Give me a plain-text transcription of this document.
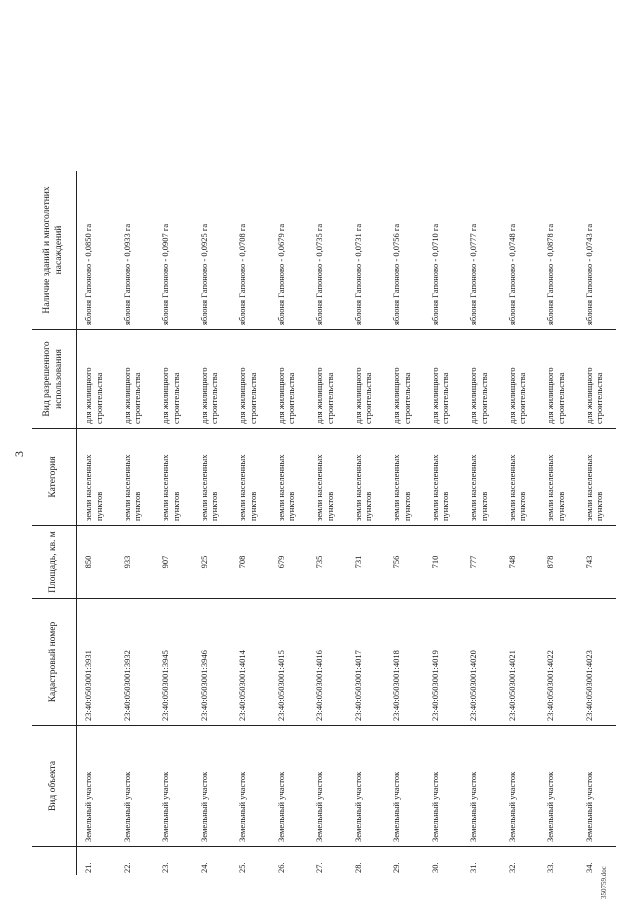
3
	Вид объекта	Кадастровый номер	Площадь, кв. м	Категория	Вид разрешенного использования	Наличие зданий и многолетних насаждений
21.	Земельный участок	23:40:0503001:3931	850	земли населенных пунктов	для жилищного строительства	яблоня Гапоново - 0,0850 га
22.	Земельный участок	23:40:0503001:3932	933	земли населенных пунктов	для жилищного строительства	яблоня Гапоново - 0,0933 га
23.	Земельный участок	23:40:0503001:3945	907	земли населенных пунктов	для жилищного строительства	яблоня Гапоново - 0,0907 га
24.	Земельный участок	23:40:0503001:3946	925	земли населенных пунктов	для жилищного строительства	яблоня Гапоново - 0,0925 га
25.	Земельный участок	23:40:0503001:4014	708	земли населенных пунктов	для жилищного строительства	яблоня Гапоново - 0,0708 га
26.	Земельный участок	23:40:0503001:4015	679	земли населенных пунктов	для жилищного строительства	яблоня Гапоново - 0,0679 га
27.	Земельный участок	23:40:0503001:4016	735	земли населенных пунктов	для жилищного строительства	яблоня Гапоново - 0,0735 га
28.	Земельный участок	23:40:0503001:4017	731	земли населенных пунктов	для жилищного строительства	яблоня Гапоново - 0,0731 га
29.	Земельный участок	23:40:0503001:4018	756	земли населенных пунктов	для жилищного строительства	яблоня Гапоново - 0,0756 га
30.	Земельный участок	23:40:0503001:4019	710	земли населенных пунктов	для жилищного строительства	яблоня Гапоново - 0,0710 га
31.	Земельный участок	23:40:0503001:4020	777	земли населенных пунктов	для жилищного строительства	яблоня Гапоново - 0,0777 га
32.	Земельный участок	23:40:0503001:4021	748	земли населенных пунктов	для жилищного строительства	яблоня Гапоново - 0,0748 га
33.	Земельный участок	23:40:0503001:4022	878	земли населенных пунктов	для жилищного строительства	яблоня Гапоново - 0,0878 га
34.	Земельный участок	23:40:0503001:4023	743	земли населенных пунктов	для жилищного строительства	яблоня Гапоново - 0,0743 га
350759.doc
